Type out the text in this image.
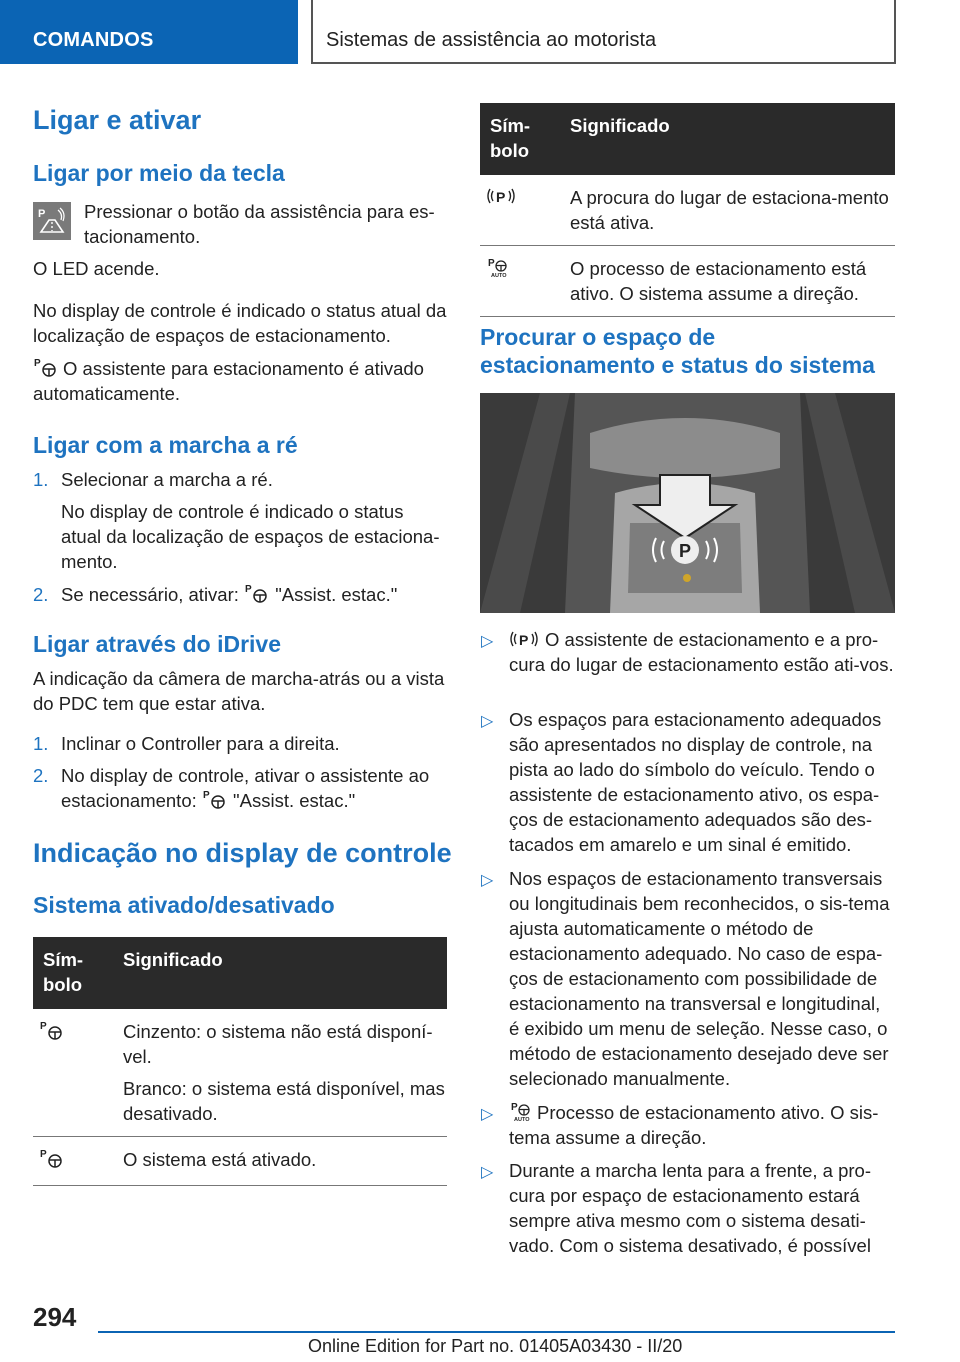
COMANDOS	Sistemas de assistência ao motorista
Ligar e ativar
Ligar por meio da tecla
P Pressionar o botão da assistência para es-tacionamento.
O LED acende.
No display de controle é indicado o status atual da localização de espaços de estacionamento.
O assistente para estacionamento é ativado automaticamente.
Ligar com a marcha a ré
1. Selecionar a marcha a ré.
No display de controle é indicado o status atual da localização de espaços de estaciona-mento.
2. Se necessário, ativar: "Assist. estac."
Ligar através do iDrive
A indicação da câmera de marcha-atrás ou a vista do PDC tem que estar ativa.
1. Inclinar o Controller para a direita.
2. No display de controle, ativar o assistente ao estacionamento: "Assist. estac."
Indicação no display de controle
Sistema ativado/desativado
Sím-bolo	Significado

Cinzento: o sistema não está disponí-vel.

Branco: o sistema está disponível, mas desativado.

O sistema está ativado.

Sím-bolo	Significado

A procura do lugar de estaciona-mento está ativa.

O processo de estacionamento está ativo. O sistema assume a direção.

Procurar o espaço de estacionamento e status do sistema
P
▷	O assistente de estacionamento e a pro-cura do lugar de estacionamento estão ati-vos.
▷ Os espaços para estacionamento adequados são apresentados no display de controle, na pista ao lado do símbolo do veículo. Tendo o assistente de estacionamento ativo, os espa-ços de estacionamento adequados são des-tacados em amarelo e um sinal é emitido.
▷ Nos espaços de estacionamento transversais ou longitudinais bem reconhecidos, o sis-tema ajusta automaticamente o método de estacionamento adequado. No caso de espa-ços de estacionamento com possibilidade de estacionamento na transversal e longitudinal, é exibido um menu de seleção. Nesse caso, o método de estacionamento desejado deve ser selecionado manualmente.
▷	Processo de estacionamento ativo. O sis-tema assume a direção.
▷ Durante a marcha lenta para a frente, a pro-cura por espaço de estacionamento estará sempre ativa mesmo com o sistema desati-vado. Com o sistema desativado, é possível
294
Online Edition for Part no. 01405A03430 - II/20
